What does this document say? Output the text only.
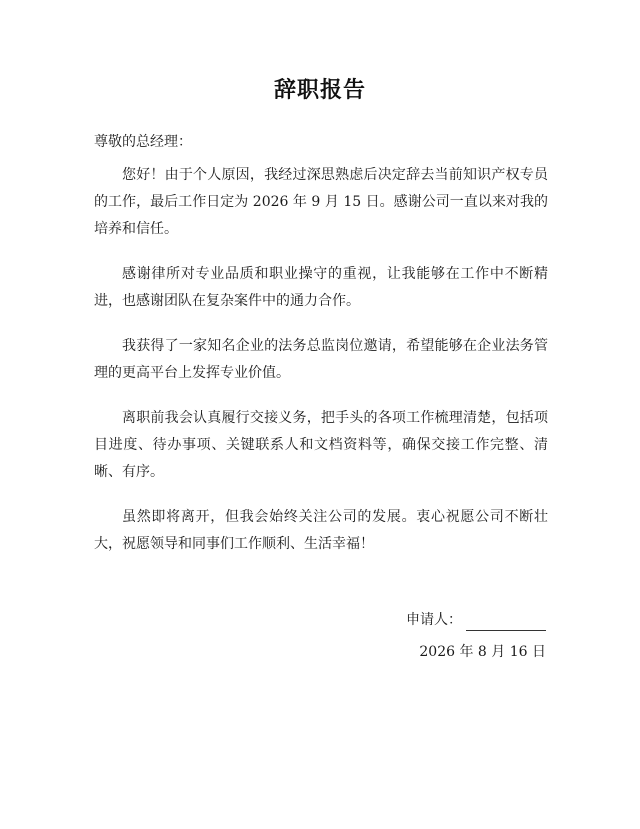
辞职报告
尊敬的总经理：

您好！由于个人原因，我经过深思熟虑后决定辞去当前知识产权专员的工作，最后工作日定为 2026 年 9 月 15 日。感谢公司一直以来对我的培养和信任。

感谢律所对专业品质和职业操守的重视，让我能够在工作中不断精进，也感谢团队在复杂案件中的通力合作。

我获得了一家知名企业的法务总监岗位邀请，希望能够在企业法务管理的更高平台上发挥专业价值。

离职前我会认真履行交接义务，把手头的各项工作梳理清楚，包括项目进度、待办事项、关键联系人和文档资料等，确保交接工作完整、清晰、有序。

虽然即将离开，但我会始终关注公司的发展。衷心祝愿公司不断壮大，祝愿领导和同事们工作顺利、生活幸福！

申请人：
2026 年 8 月 16 日
